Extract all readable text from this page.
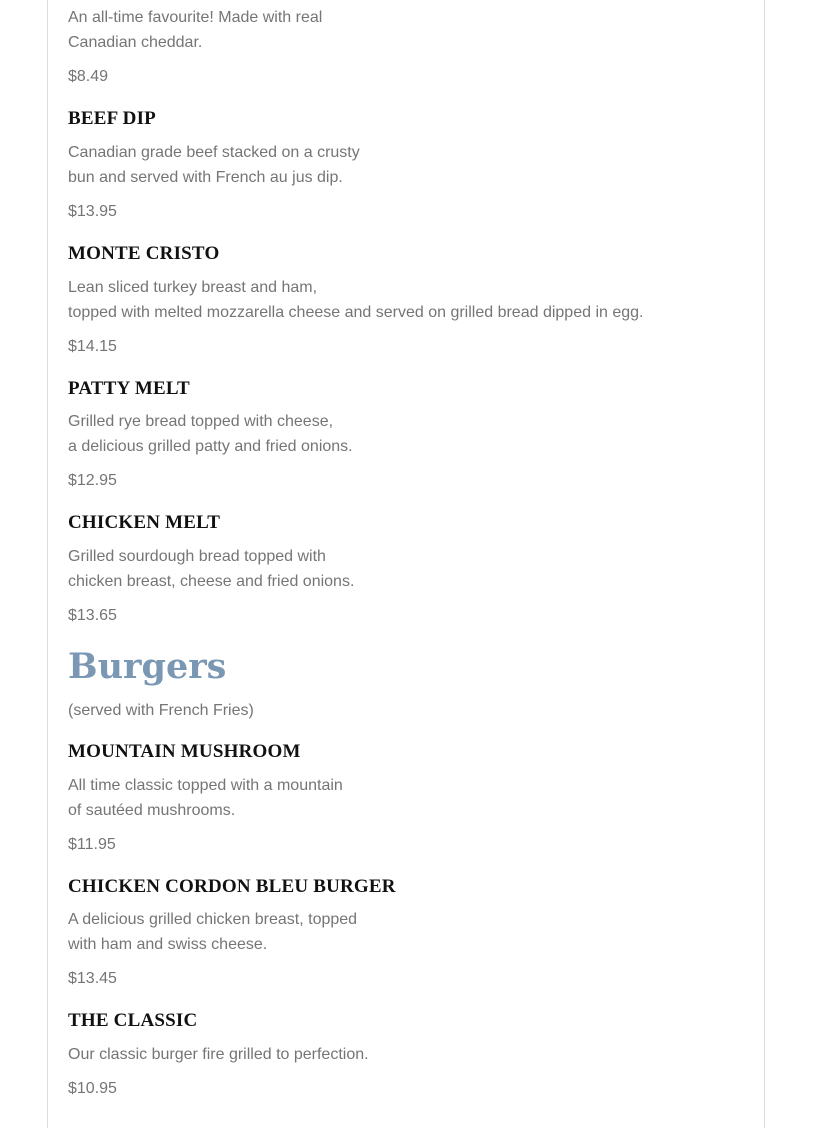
An all-time favourite! Made with real
Canadian cheddar.

$8.49

BEEF DIP

Canadian grade beef stacked on a crusty
bun and served with French au jus dip.

$13.95

MONTE CRISTO

Lean sliced turkey breast and ham,
topped with melted mozzarella cheese and served on grilled bread dipped in egg.

$14.15

PATTY MELT

Grilled rye bread topped with cheese,
a delicious grilled patty and fried onions.

$12.95

CHICKEN MELT

Grilled sourdough bread topped with
chicken breast, cheese and fried onions.

$13.65

Burgers

(served with French Fries)

MOUNTAIN MUSHROOM

All time classic topped with a mountain
of sautéed mushrooms.

$11.95

CHICKEN CORDON BLEU BURGER

A delicious grilled chicken breast, topped
with ham and swiss cheese.

$13.45

THE CLASSIC

Our classic burger fire grilled to perfection.

$10.95
